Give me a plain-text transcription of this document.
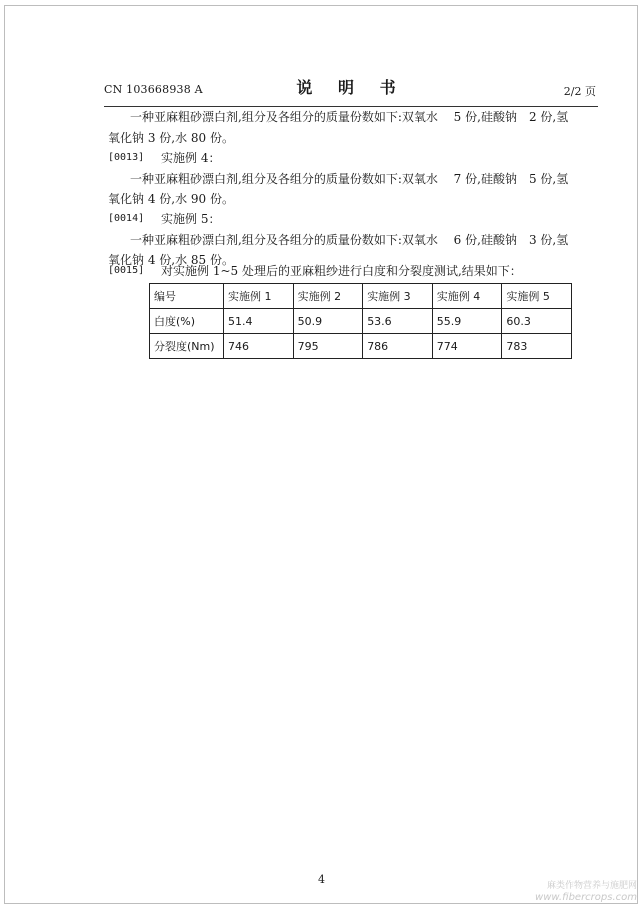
CN 103668938 A	说 明 书	2/2 页
一种亚麻粗砂漂白剂,组分及各组分的质量份数如下:双氧水　 5 份,硅酸钠　2 份,氢
氧化钠 3 份,水 80 份。
[0013] 实施例 4：
一种亚麻粗砂漂白剂,组分及各组分的质量份数如下:双氧水　 7 份,硅酸钠　5 份,氢
氧化钠 4 份,水 90 份。
[0014] 实施例 5：
一种亚麻粗砂漂白剂,组分及各组分的质量份数如下:双氧水　 6 份,硅酸钠　3 份,氢
氧化钠 4 份,水 85 份。
[0015] 对实施例 1~5 处理后的亚麻粗纱进行白度和分裂度测试,结果如下：
编号	实施例 1	实施例 2	实施例 3	实施例 4	实施例 5
白度(%)	51.4	50.9	53.6	55.9	60.3
分裂度(Nm)	746	795	786	774	783
4	麻类作物营养与施肥网
www.fibercrops.com
